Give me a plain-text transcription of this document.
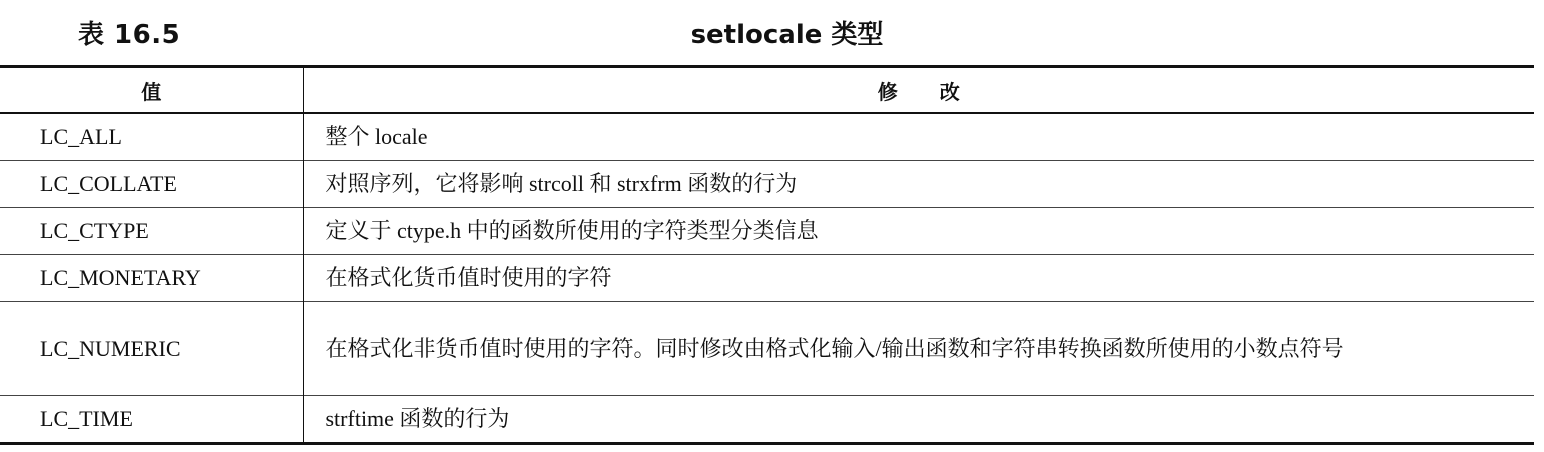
表 16.5	setlocale 类型
值	修改
LC_ALL	整个 locale
LC_COLLATE	对照序列，它将影响 strcoll 和 strxfrm 函数的行为
LC_CTYPE	定义于 ctype.h 中的函数所使用的字符类型分类信息
LC_MONETARY	在格式化货币值时使用的字符
LC_NUMERIC	在格式化非货币值时使用的字符。同时修改由格式化输入/输出函数和字符串转换函数所使用的小数点符号
LC_TIME	strftime 函数的行为
